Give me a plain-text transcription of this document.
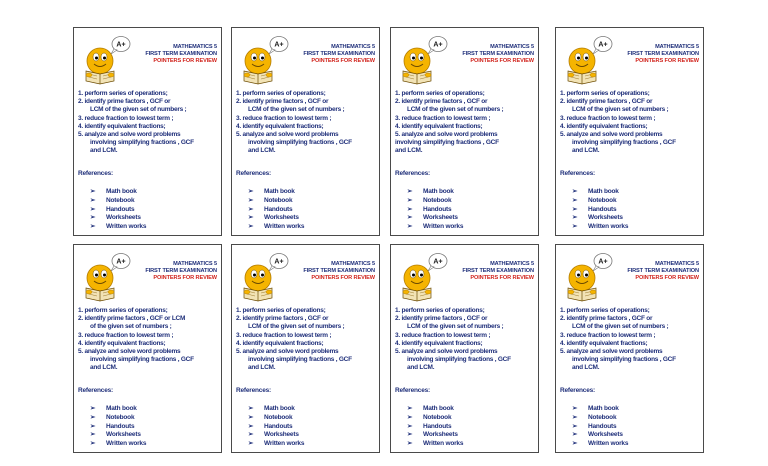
A+	MATHEMATICS 5
FIRST TERM EXAMINATION
POINTERS FOR REVIEW
1. perform series of operations;
2. identify prime factors , GCF or
LCM of the given set of numbers ;
3. reduce fraction to lowest term ;
4. identify equivalent fractions;
5. analyze and solve word problems
involving simplifying fractions , GCF
and LCM.
References:
➢ Math book
➢ Notebook
➢ Handouts
➢ Worksheets
➢ Written works
A+	MATHEMATICS 5
FIRST TERM EXAMINATION
POINTERS FOR REVIEW
1. perform series of operations;
2. identify prime factors , GCF or
LCM of the given set of numbers ;
3. reduce fraction to lowest term ;
4. identify equivalent fractions;
5. analyze and solve word problems
involving simplifying fractions , GCF
and LCM.
References:
➢ Math book
➢ Notebook
➢ Handouts
➢ Worksheets
➢ Written works
A+	MATHEMATICS 5
FIRST TERM EXAMINATION
POINTERS FOR REVIEW
1. perform series of operations;
2. identify prime factors , GCF or
LCM of the given set of numbers ;
3. reduce fraction to lowest term ;
4. identify equivalent fractions;
5. analyze and solve word problems
involving simplifying fractions , GCF
and LCM.
References:
➢ Math book
➢ Notebook
➢ Handouts
➢ Worksheets
➢ Written works
A+	MATHEMATICS 5
FIRST TERM EXAMINATION
POINTERS FOR REVIEW
1. perform series of operations;
2. identify prime factors , GCF or
LCM of the given set of numbers ;
3. reduce fraction to lowest term ;
4. identify equivalent fractions;
5. analyze and solve word problems
involving simplifying fractions , GCF
and LCM.
References:
➢ Math book
➢ Notebook
➢ Handouts
➢ Worksheets
➢ Written works
A+	MATHEMATICS 5
FIRST TERM EXAMINATION
POINTERS FOR REVIEW
1. perform series of operations;
2. identify prime factors , GCF or LCM
of the given set of numbers ;
3. reduce fraction to lowest term ;
4. identify equivalent fractions;
5. analyze and solve word problems
involving simplifying fractions , GCF
and LCM.
References:
➢ Math book
➢ Notebook
➢ Handouts
➢ Worksheets
➢ Written works
A+	MATHEMATICS 5
FIRST TERM EXAMINATION
POINTERS FOR REVIEW
1. perform series of operations;
2. identify prime factors , GCF or
LCM of the given set of numbers ;
3. reduce fraction to lowest term ;
4. identify equivalent fractions;
5. analyze and solve word problems
involving simplifying fractions , GCF
and LCM.
References:
➢ Math book
➢ Notebook
➢ Handouts
➢ Worksheets
➢ Written works
A+	MATHEMATICS 5
FIRST TERM EXAMINATION
POINTERS FOR REVIEW
1. perform series of operations;
2. identify prime factors , GCF or
LCM of the given set of numbers ;
3. reduce fraction to lowest term ;
4. identify equivalent fractions;
5. analyze and solve word problems
involving simplifying fractions , GCF
and LCM.
References:
➢ Math book
➢ Notebook
➢ Handouts
➢ Worksheets
➢ Written works
A+	MATHEMATICS 5
FIRST TERM EXAMINATION
POINTERS FOR REVIEW
1. perform series of operations;
2. identify prime factors , GCF or
LCM of the given set of numbers ;
3. reduce fraction to lowest term ;
4. identify equivalent fractions;
5. analyze and solve word problems
involving simplifying fractions , GCF
and LCM.
References:
➢ Math book
➢ Notebook
➢ Handouts
➢ Worksheets
➢ Written works
